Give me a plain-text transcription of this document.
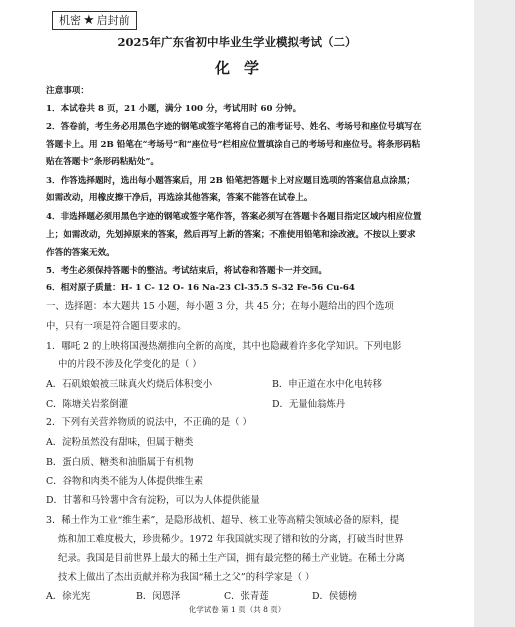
机密 ★ 启封前
2025年广东省初中毕业生学业模拟考试（二）
化学
注意事项：
1．本试卷共 8 页，21 小题，满分 100 分，考试用时 60 分钟。
2．答卷前，考生务必用黑色字迹的钢笔或签字笔将自己的准考证号、姓名、考场号和座位号填写在
答题卡上。用 2B 铅笔在“考场号”和“座位号”栏相应位置填涂自己的考场号和座位号。将条形码粘
贴在答题卡“条形码粘贴处”。
3．作答选择题时，选出每小题答案后，用 2B 铅笔把答题卡上对应题目选项的答案信息点涂黑；
如需改动，用橡皮擦干净后，再选涂其他答案，答案不能答在试卷上。
4．非选择题必须用黑色字迹的钢笔或签字笔作答，答案必须写在答题卡各题目指定区域内相应位置
上；如需改动，先划掉原来的答案，然后再写上新的答案；不准使用铅笔和涂改液。不按以上要求
作答的答案无效。
5．考生必须保持答题卡的整洁。考试结束后，将试卷和答题卡一并交回。
6．相对原子质量：H- 1 C- 12 O- 16 Na-23 Cl-35.5 S-32 Fe-56 Cu-64
一、选择题：本大题共 15 小题，每小题 3 分，共 45 分；在每小题给出的四个选项
中，只有一项是符合题目要求的。
1．哪吒 2 的上映将国漫热潮推向全新的高度，其中也隐藏着许多化学知识。下列电影
中的片段不涉及化学变化的是（ ）
A．石矶娘娘被三昧真火灼烧后体积变小	B．申正道在水中化电转移
C．陈塘关岩浆倒灌	D．无量仙翁炼丹
2．下列有关营养物质的说法中，不正确的是（ ）
A．淀粉虽然没有甜味，但属于糖类
B．蛋白质、糖类和油脂属于有机物
C．谷物和肉类不能为人体提供维生素
D．甘薯和马铃薯中含有淀粉，可以为人体提供能量
3．稀土作为工业“维生素”，是隐形战机、超导、核工业等高精尖领域必备的原料，提
炼和加工难度极大，珍贵稀少。1972 年我国就实现了镨和钕的分离，打破当时世界
纪录。我国是目前世界上最大的稀土生产国，拥有最完整的稀土产业链。在稀土分离
技术上做出了杰出贡献并称为我国“稀土之父”的科学家是（ ）
A．徐光宪	B．闵恩泽	C．张青莲	D．侯德榜
化学试卷 第 1 页（共 8 页）
